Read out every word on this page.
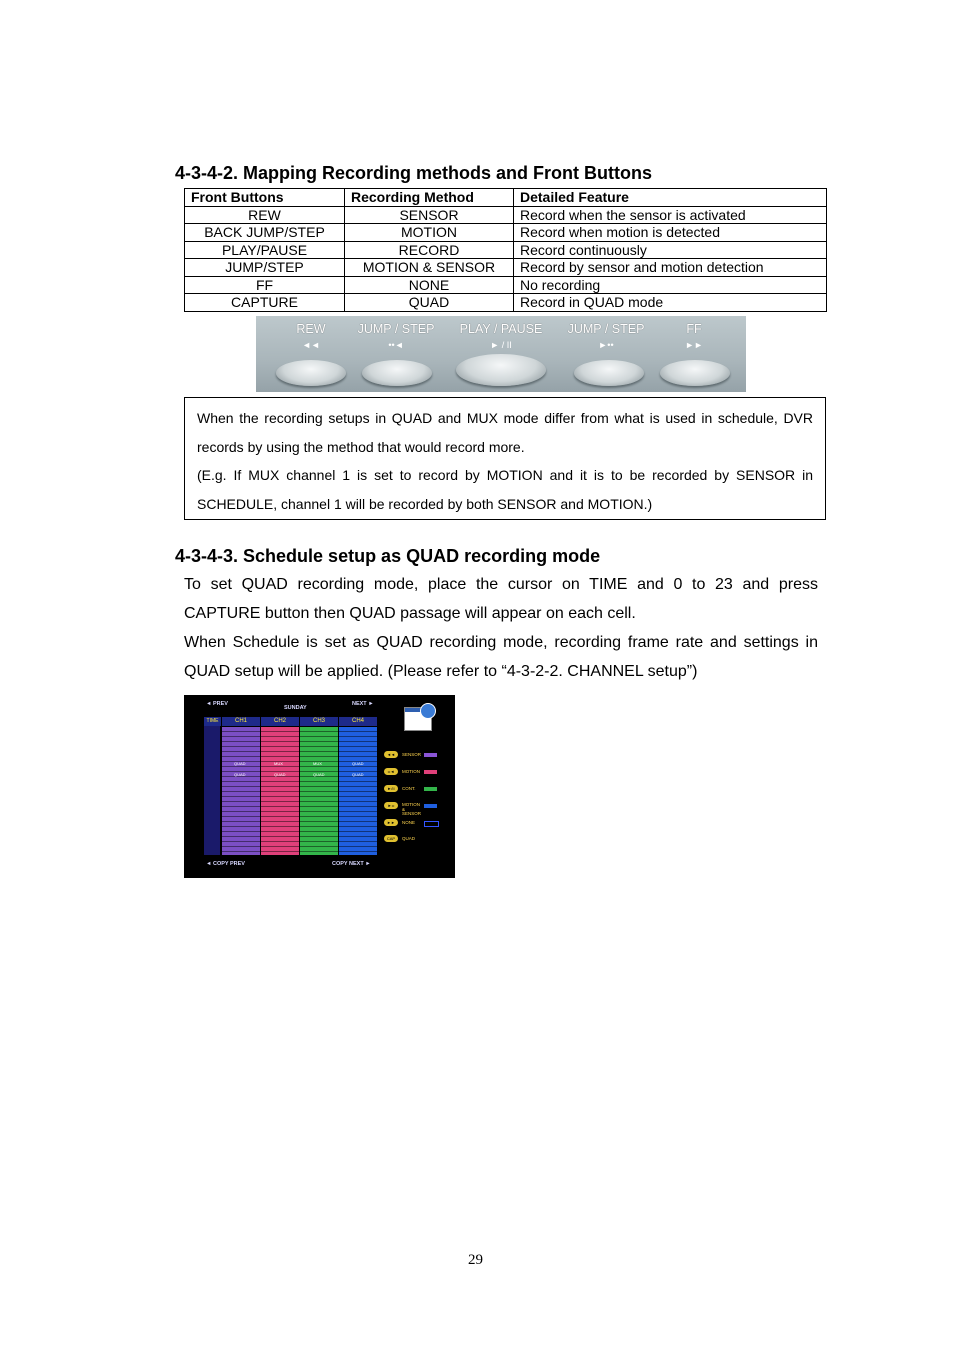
4-3-4-2. Mapping Recording methods and Front Buttons
Front Buttons	Recording Method	Detailed Feature
REW	SENSOR	Record when the sensor is activated
BACK JUMP/STEP	MOTION	Record when motion is detected
PLAY/PAUSE	RECORD	Record continuously
JUMP/STEP	MOTION & SENSOR	Record by sensor and motion detection
FF	NONE	No recording
CAPTURE	QUAD	Record in QUAD mode
REW
◄◄
JUMP / STEP
••◄
PLAY / PAUSE
► / II
JUMP / STEP
►••
FF
►►
When the recording setups in QUAD and MUX mode differ from what is used in schedule, DVR records by using the method that would record more.
(E.g. If MUX channel 1 is set to record by MOTION and it is to be recorded by SENSOR in SCHEDULE, channel 1 will be recorded by both SENSOR and MOTION.)
4-3-4-3. Schedule setup as QUAD recording mode
To set QUAD recording mode, place the cursor on TIME and 0 to 23 and press CAPTURE button then QUAD passage will appear on each cell.
When Schedule is set as QUAD recording mode, recording frame rate and settings in QUAD setup will be applied. (Please refer to “4-3-2-2. CHANNEL setup”)
◄ PREV
SUNDAY
NEXT ►
TIME	CH1	CH2	CH3	CH4
QUAD	MUX	MUX	QUAD
QUAD	QUAD	QUAD	QUAD
◄ COPY PREV	COPY NEXT ►
◄◄	SENSOR
••◄	MOTION
►/II	CONT.
►••	MOTION & SENSOR
►►	NONE
CAP	QUAD
29
